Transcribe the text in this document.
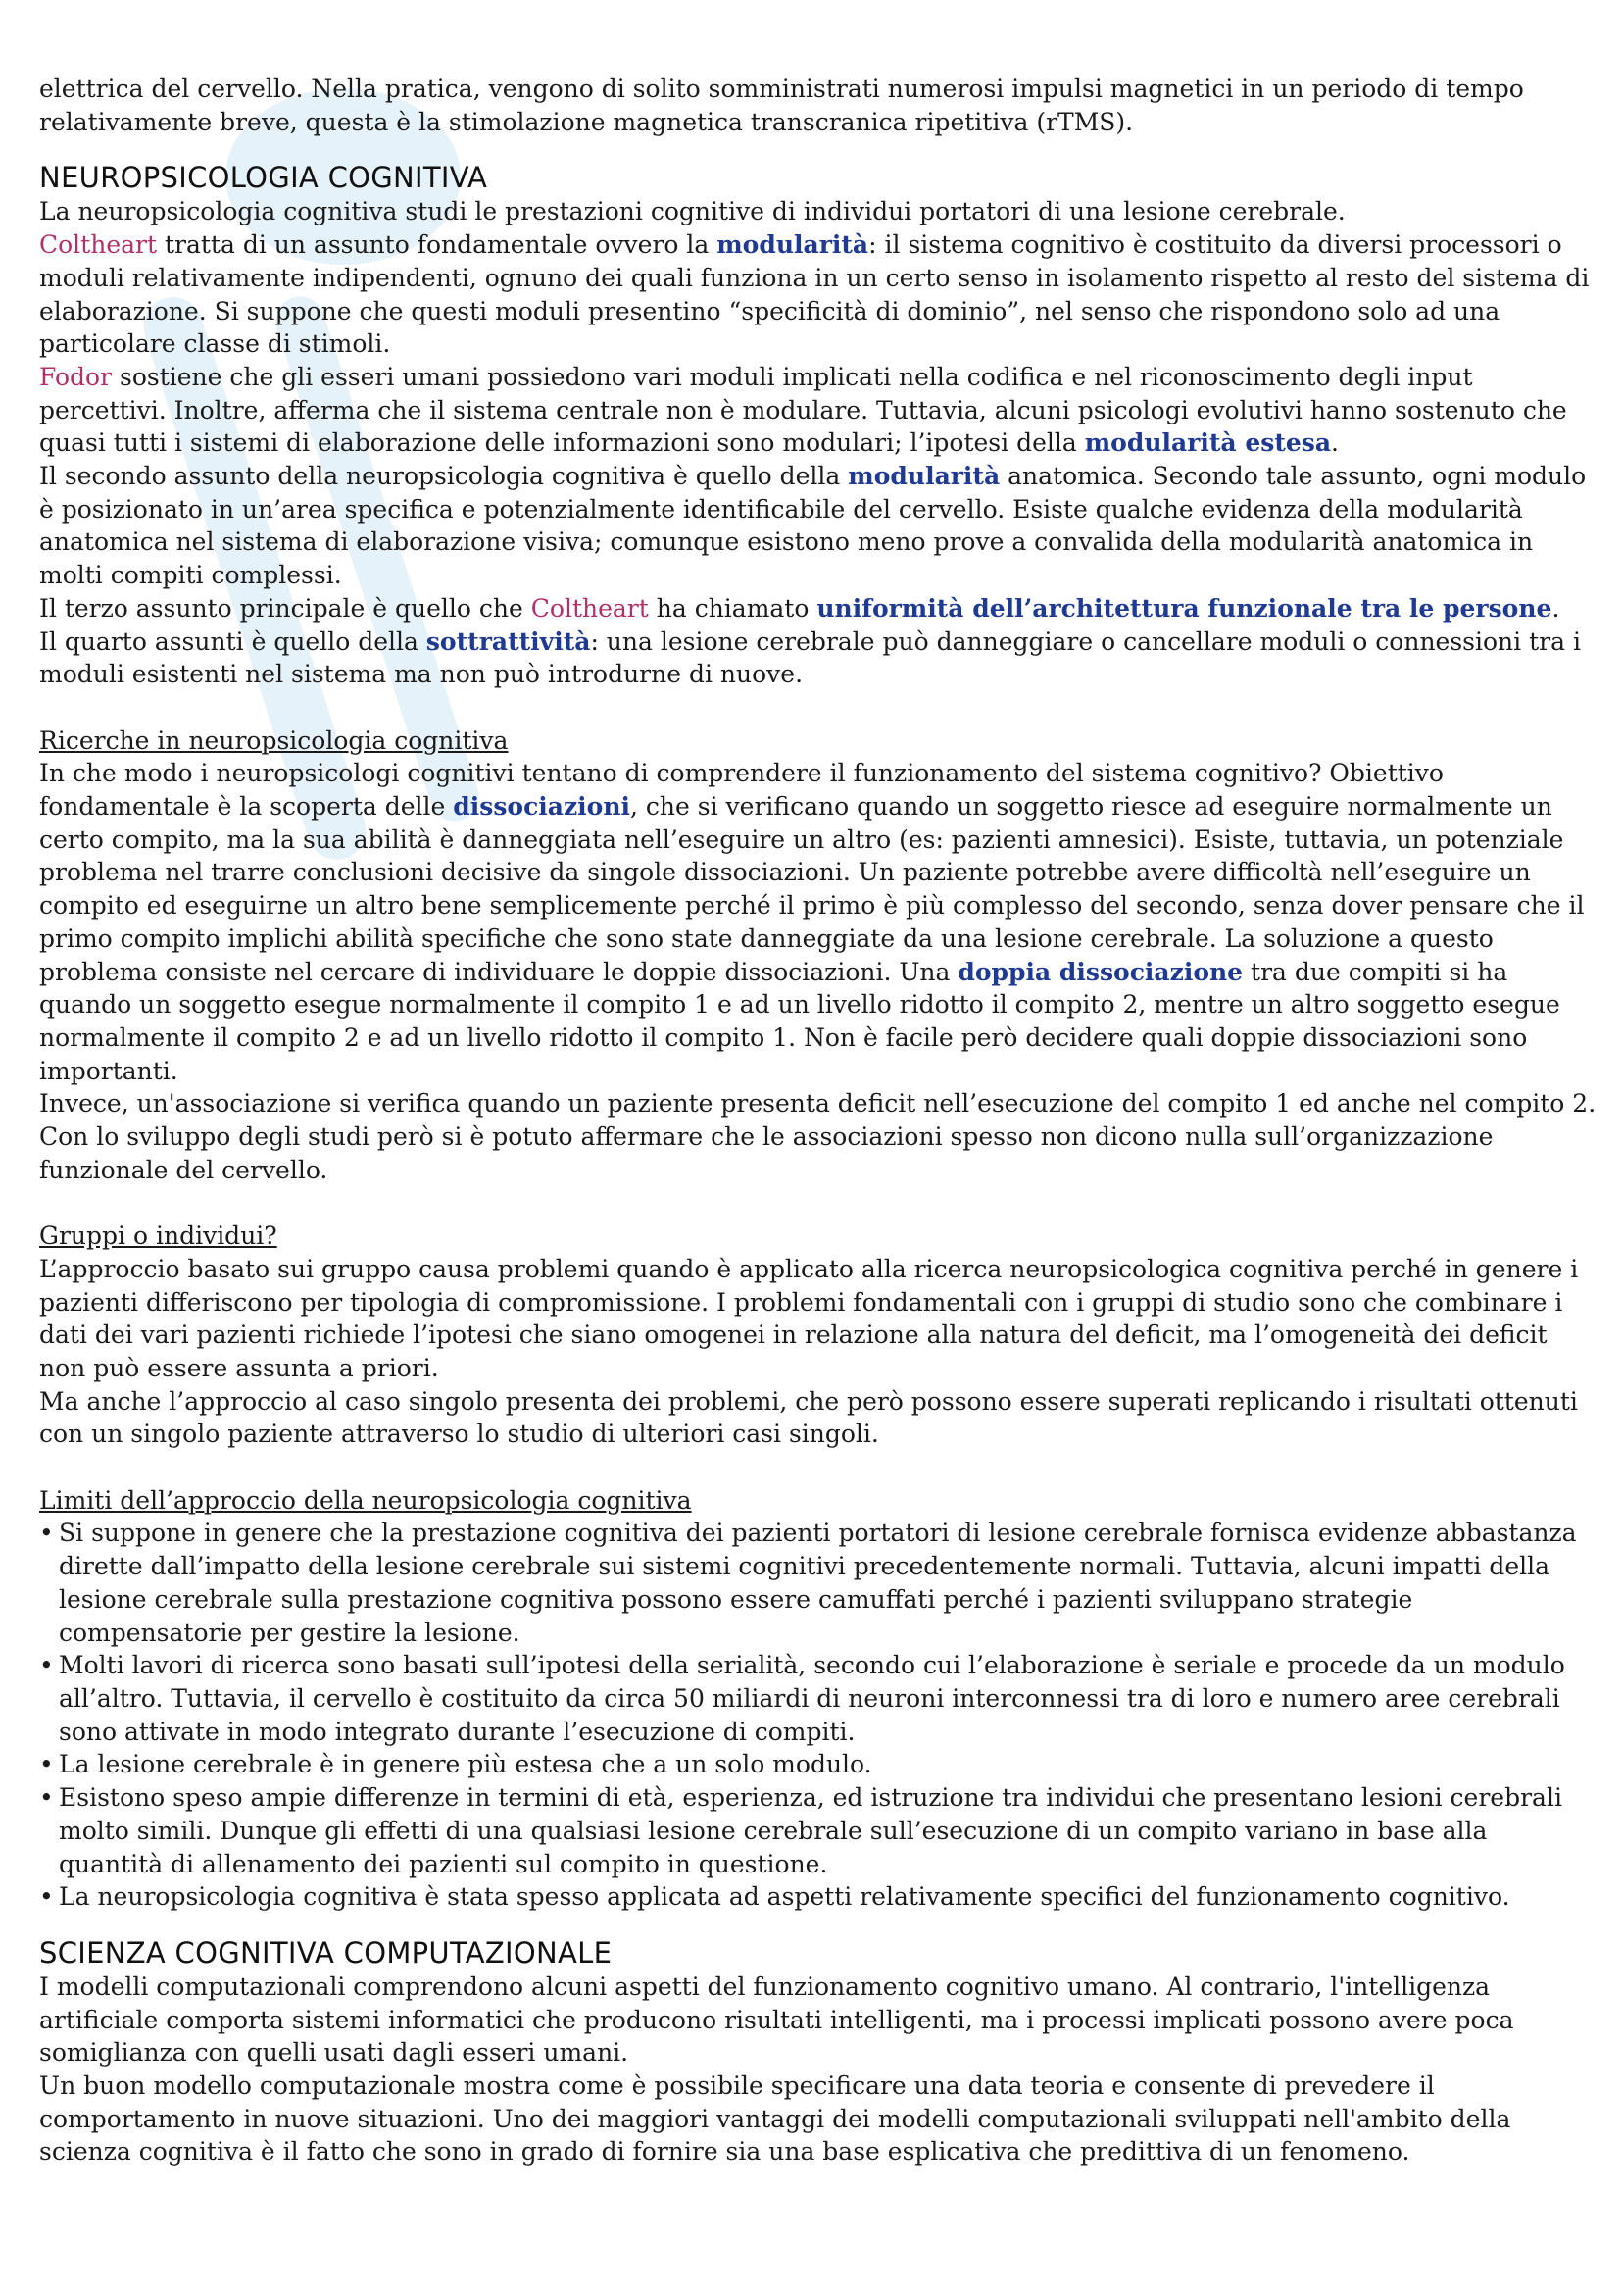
elettrica del cervello. Nella pratica, vengono di solito somministrati numerosi impulsi magnetici in un periodo di tempo relativamente breve, questa è la stimolazione magnetica transcranica ripetitiva (rTMS).

NEUROPSICOLOGIA COGNITIVA

La neuropsicologia cognitiva studi le prestazioni cognitive di individui portatori di una lesione cerebrale.

Coltheart tratta di un assunto fondamentale ovvero la modularità: il sistema cognitivo è costituito da diversi processori o moduli relativamente indipendenti, ognuno dei quali funziona in un certo senso in isolamento rispetto al resto del sistema di elaborazione. Si suppone che questi moduli presentino “specificità di dominio”, nel senso che rispondono solo ad una particolare classe di stimoli.

Fodor sostiene che gli esseri umani possiedono vari moduli implicati nella codifica e nel riconoscimento degli input percettivi. Inoltre, afferma che il sistema centrale non è modulare. Tuttavia, alcuni psicologi evolutivi hanno sostenuto che quasi tutti i sistemi di elaborazione delle informazioni sono modulari; l’ipotesi della modularità estesa.

Il secondo assunto della neuropsicologia cognitiva è quello della modularità anatomica. Secondo tale assunto, ogni modulo è posizionato in un’area specifica e potenzialmente identificabile del cervello. Esiste qualche evidenza della modularità anatomica nel sistema di elaborazione visiva; comunque esistono meno prove a convalida della modularità anatomica in molti compiti complessi.

Il terzo assunto principale è quello che Coltheart ha chiamato uniformità dell’architettura funzionale tra le persone.

Il quarto assunti è quello della sottrattività: una lesione cerebrale può danneggiare o cancellare moduli o connessioni tra i moduli esistenti nel sistema ma non può introdurne di nuove.

Ricerche in neuropsicologia cognitiva

In che modo i neuropsicologi cognitivi tentano di comprendere il funzionamento del sistema cognitivo? Obiettivo fondamentale è la scoperta delle dissociazioni, che si verificano quando un soggetto riesce ad eseguire normalmente un certo compito, ma la sua abilità è danneggiata nell’eseguire un altro (es: pazienti amnesici). Esiste, tuttavia, un potenziale problema nel trarre conclusioni decisive da singole dissociazioni. Un paziente potrebbe avere difficoltà nell’eseguire un compito ed eseguirne un altro bene semplicemente perché il primo è più complesso del secondo, senza dover pensare che il primo compito implichi abilità specifiche che sono state danneggiate da una lesione cerebrale. La soluzione a questo problema consiste nel cercare di individuare le doppie dissociazioni. Una doppia dissociazione tra due compiti si ha quando un soggetto esegue normalmente il compito 1 e ad un livello ridotto il compito 2, mentre un altro soggetto esegue normalmente il compito 2 e ad un livello ridotto il compito 1. Non è facile però decidere quali doppie dissociazioni sono importanti.

Invece, un'associazione si verifica quando un paziente presenta deficit nell’esecuzione del compito 1 ed anche nel compito 2. Con lo sviluppo degli studi però si è potuto affermare che le associazioni spesso non dicono nulla sull’organizzazione funzionale del cervello.

Gruppi o individui?

L’approccio basato sui gruppo causa problemi quando è applicato alla ricerca neuropsicologica cognitiva perché in genere i pazienti differiscono per tipologia di compromissione. I problemi fondamentali con i gruppi di studio sono che combinare i dati dei vari pazienti richiede l’ipotesi che siano omogenei in relazione alla natura del deficit, ma l’omogeneità dei deficit non può essere assunta a priori.

Ma anche l’approccio al caso singolo presenta dei problemi, che però possono essere superati replicando i risultati ottenuti con un singolo paziente attraverso lo studio di ulteriori casi singoli.

Limiti dell’approccio della neuropsicologia cognitiva

• Si suppone in genere che la prestazione cognitiva dei pazienti portatori di lesione cerebrale fornisca evidenze abbastanza dirette dall’impatto della lesione cerebrale sui sistemi cognitivi precedentemente normali. Tuttavia, alcuni impatti della lesione cerebrale sulla prestazione cognitiva possono essere camuffati perché i pazienti sviluppano strategie compensatorie per gestire la lesione.
• Molti lavori di ricerca sono basati sull’ipotesi della serialità, secondo cui l’elaborazione è seriale e procede da un modulo all’altro. Tuttavia, il cervello è costituito da circa 50 miliardi di neuroni interconnessi tra di loro e numero aree cerebrali sono attivate in modo integrato durante l’esecuzione di compiti.
• La lesione cerebrale è in genere più estesa che a un solo modulo.
• Esistono speso ampie differenze in termini di età, esperienza, ed istruzione tra individui che presentano lesioni cerebrali molto simili. Dunque gli effetti di una qualsiasi lesione cerebrale sull’esecuzione di un compito variano in base alla quantità di allenamento dei pazienti sul compito in questione.
• La neuropsicologia cognitiva è stata spesso applicata ad aspetti relativamente specifici del funzionamento cognitivo.
SCIENZA COGNITIVA COMPUTAZIONALE

I modelli computazionali comprendono alcuni aspetti del funzionamento cognitivo umano. Al contrario, l'intelligenza artificiale comporta sistemi informatici che producono risultati intelligenti, ma i processi implicati possono avere poca somiglianza con quelli usati dagli esseri umani.

Un buon modello computazionale mostra come è possibile specificare una data teoria e consente di prevedere il comportamento in nuove situazioni. Uno dei maggiori vantaggi dei modelli computazionali sviluppati nell'ambito della scienza cognitiva è il fatto che sono in grado di fornire sia una base esplicativa che predittiva di un fenomeno.
